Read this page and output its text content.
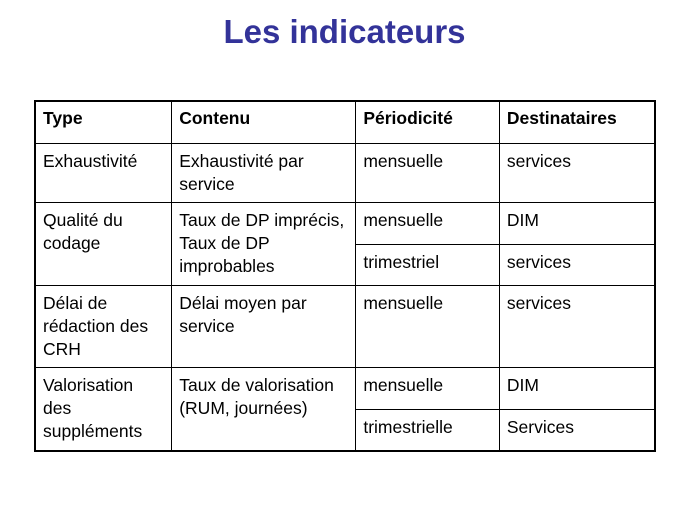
Les indicateurs
Type	Contenu	Périodicité	Destinataires
Exhaustivité	Exhaustivité par service	mensuelle	services
Qualité du codage	Taux de DP imprécis, Taux de DP improbables	mensuelle	DIM
		trimestriel	services
Délai de rédaction des CRH	Délai moyen par service	mensuelle	services
Valorisation des suppléments	Taux de valorisation (RUM, journées)	mensuelle	DIM
		trimestrielle	Services
